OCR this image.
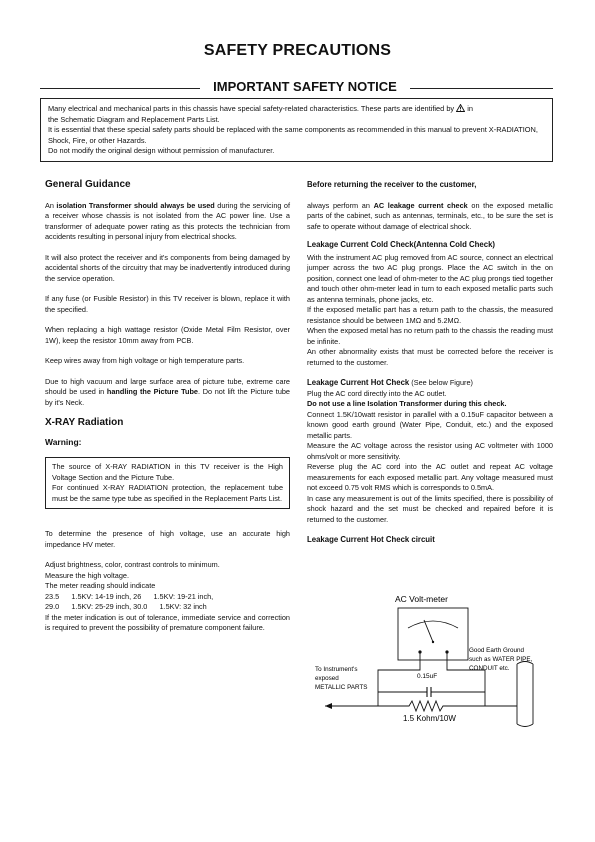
SAFETY PRECAUTIONS
IMPORTANT SAFETY NOTICE
Many electrical and mechanical parts in this chassis have special safety-related characteristics. These parts are identified by in
the Schematic Diagram and Replacement Parts List.
It is essential that these special safety parts should be replaced with the same components as recommended in this manual to prevent X-RADIATION, Shock, Fire, or other Hazards.
Do not modify the original design without permission of manufacturer.
General Guidance

An isolation Transformer should always be used during the servicing of a receiver whose chassis is not isolated from the AC power line. Use a transformer of adequate power rating as this protects the technician from accidents resulting in personal injury from electrical shocks.

It will also protect the receiver and it's components from being damaged by accidental shorts of the circuitry that may be inadvertently introduced during the service operation.

If any fuse (or Fusible Resistor) in this TV receiver is blown, replace it with the specified.

When replacing a high wattage resistor (Oxide Metal Film Resistor, over 1W), keep the resistor 10mm away from PCB.

Keep wires away from high voltage or high temperature parts.

Due to high vacuum and large surface area of picture tube, extreme care should be used in handling the Picture Tube. Do not lift the Picture tube by it's Neck.

X-RAY Radiation
Warning:
The source of X-RAY RADIATION in this TV receiver is the High Voltage Section and the Picture Tube.
For continued X-RAY RADIATION protection, the replacement tube must be the same type tube as specified in the Replacement Parts List.

To determine the presence of high voltage, use an accurate high impedance HV meter.

Adjust brightness, color, contrast controls to minimum.

Measure the high voltage.

The meter reading should indicate

23.5      1.5KV: 14-19 inch, 26      1.5KV: 19-21 inch,

29.0      1.5KV: 25-29 inch, 30.0      1.5KV: 32 inch

If the meter indication is out of tolerance, immediate service and correction is required to prevent the possibility of premature component failure.

Before returning the receiver to the customer,

always perform an AC leakage current check on the exposed metallic parts of the cabinet, such as antennas, terminals, etc., to be sure the set is safe to operate without damage of electrical shock.

Leakage Current Cold Check(Antenna Cold Check)

With the instrument AC plug removed from AC source, connect an electrical jumper across the two AC plug prongs. Place the AC switch in the on position, connect one lead of ohm-meter to the AC plug prongs tied together and touch other ohm-meter lead in turn to each exposed metallic parts such as antenna terminals, phone jacks, etc.

If the exposed metallic part has a return path to the chassis, the measured resistance should be between 1MΩ and 5.2MΩ.

When the exposed metal has no return path to the chassis the reading must be infinite.

An other abnormality exists that must be corrected before the receiver is returned to the customer.

Leakage Current Hot Check (See below Figure)

Plug the AC cord directly into the AC outlet.

Do not use a line Isolation Transformer during this check.

Connect 1.5K/10watt resistor in parallel with a 0.15uF capacitor between a known good earth ground (Water Pipe, Conduit, etc.) and the exposed metallic parts.

Measure the AC voltage across the resistor using AC voltmeter with 1000 ohms/volt or more sensitivity.

Reverse plug the AC cord into the AC outlet and repeat AC voltage measurements for each exposed metallic part. Any voltage measured must not exceed 0.75 volt RMS which is corresponds to 0.5mA.

In case any measurement is out of the limits specified, there is possibility of shock hazard and the set must be checked and repaired before it is returned to the customer.

Leakage Current Hot Check circuit
AC Volt-meter
0.15uF
1.5 Kohm/10W
To Instrument's
exposed
METALLIC PARTS
Good Earth Ground
such as WATER PIPE,
CONDUIT etc.
